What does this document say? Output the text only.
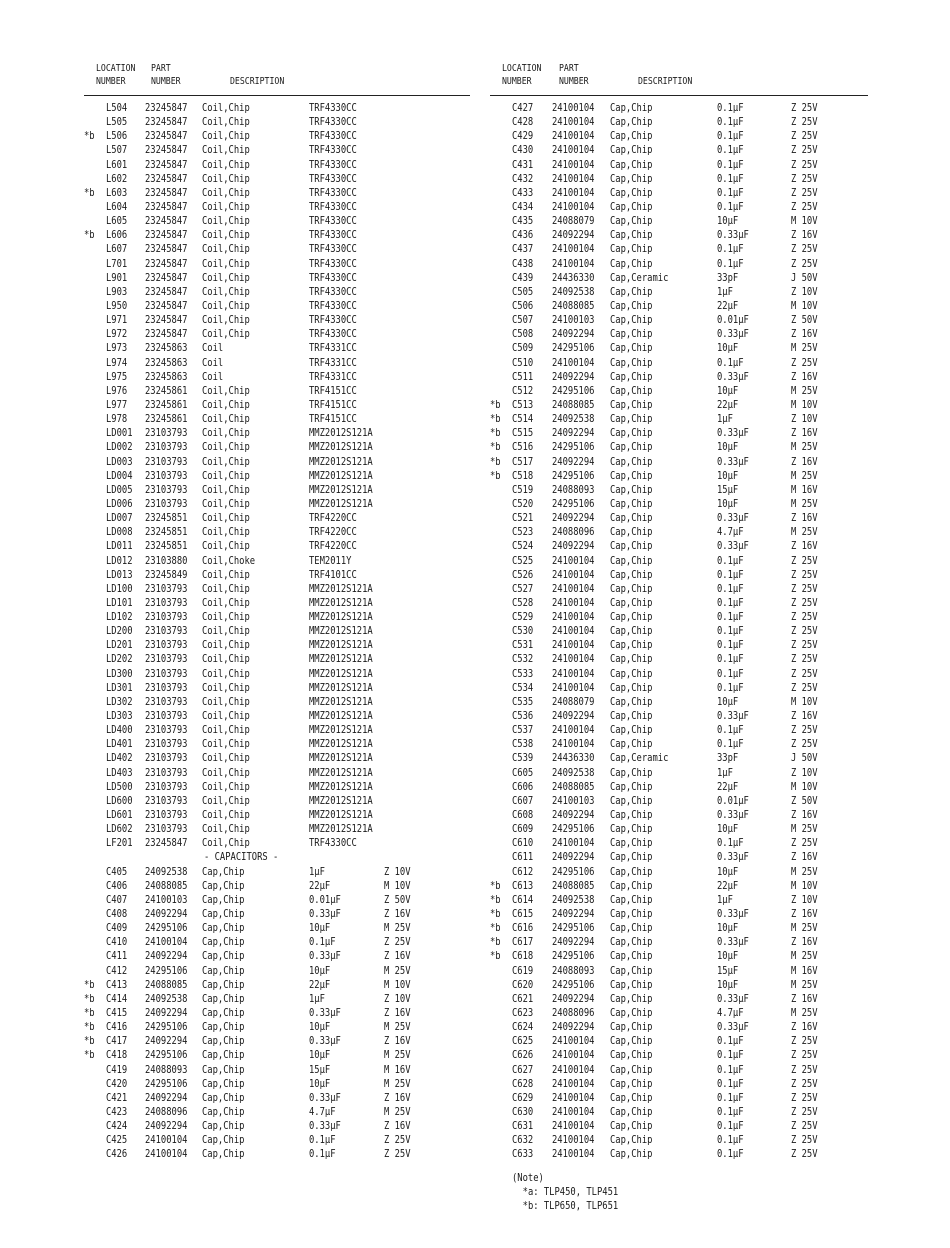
LOCATION
NUMBER
PART
NUMBER	DESCRIPTION
L504 23245847 Coil,Chip	TRF4330CC
L505 23245847 Coil,Chip	TRF4330CC
*b L506 23245847 Coil,Chip	TRF4330CC
L507 23245847 Coil,Chip	TRF4330CC
L601 23245847 Coil,Chip	TRF4330CC
L602 23245847 Coil,Chip	TRF4330CC
*b L603 23245847 Coil,Chip	TRF4330CC
L604 23245847 Coil,Chip	TRF4330CC
L605 23245847 Coil,Chip	TRF4330CC
*b L606 23245847 Coil,Chip	TRF4330CC
L607 23245847 Coil,Chip	TRF4330CC
L701 23245847 Coil,Chip	TRF4330CC
L901 23245847 Coil,Chip	TRF4330CC
L903 23245847 Coil,Chip	TRF4330CC
L950 23245847 Coil,Chip	TRF4330CC
L971 23245847 Coil,Chip	TRF4330CC
L972 23245847 Coil,Chip	TRF4330CC
L973 23245863 Coil	TRF4331CC
L974 23245863 Coil	TRF4331CC
L975 23245863 Coil	TRF4331CC
L976 23245861 Coil,Chip	TRF4151CC
L977 23245861 Coil,Chip	TRF4151CC
L978 23245861 Coil,Chip	TRF4151CC
LD001 23103793 Coil,Chip	MMZ2012S121A
LD002 23103793 Coil,Chip	MMZ2012S121A
LD003 23103793 Coil,Chip	MMZ2012S121A
LD004 23103793 Coil,Chip	MMZ2012S121A
LD005 23103793 Coil,Chip	MMZ2012S121A
LD006 23103793 Coil,Chip	MMZ2012S121A
LD007 23245851 Coil,Chip	TRF4220CC
LD008 23245851 Coil,Chip	TRF4220CC
LD011 23245851 Coil,Chip	TRF4220CC
LD012 23103880 Coil,Choke	TEM2011Y
LD013 23245849 Coil,Chip	TRF4101CC
LD100 23103793 Coil,Chip	MMZ2012S121A
LD101 23103793 Coil,Chip	MMZ2012S121A
LD102 23103793 Coil,Chip	MMZ2012S121A
LD200 23103793 Coil,Chip	MMZ2012S121A
LD201 23103793 Coil,Chip	MMZ2012S121A
LD202 23103793 Coil,Chip	MMZ2012S121A
LD300 23103793 Coil,Chip	MMZ2012S121A
LD301 23103793 Coil,Chip	MMZ2012S121A
LD302 23103793 Coil,Chip	MMZ2012S121A
LD303 23103793 Coil,Chip	MMZ2012S121A
LD400 23103793 Coil,Chip	MMZ2012S121A
LD401 23103793 Coil,Chip	MMZ2012S121A
LD402 23103793 Coil,Chip	MMZ2012S121A
LD403 23103793 Coil,Chip	MMZ2012S121A
LD500 23103793 Coil,Chip	MMZ2012S121A
LD600 23103793 Coil,Chip	MMZ2012S121A
LD601 23103793 Coil,Chip	MMZ2012S121A
LD602 23103793 Coil,Chip	MMZ2012S121A
LF201 23245847 Coil,Chip	TRF4330CC
- CAPACITORS -
C405 24092538 Cap,Chip	1μF	Z 10V
C406 24088085 Cap,Chip	22μF	M 10V
C407 24100103 Cap,Chip	0.01μF	Z 50V
C408 24092294 Cap,Chip	0.33μF	Z 16V
C409 24295106 Cap,Chip	10μF	M 25V
C410 24100104 Cap,Chip	0.1μF	Z 25V
C411 24092294 Cap,Chip	0.33μF	Z 16V
C412 24295106 Cap,Chip	10μF	M 25V
*b C413 24088085 Cap,Chip	22μF	M 10V
*b C414 24092538 Cap,Chip	1μF	Z 10V
*b C415 24092294 Cap,Chip	0.33μF	Z 16V
*b C416 24295106 Cap,Chip	10μF	M 25V
*b C417 24092294 Cap,Chip	0.33μF	Z 16V
*b C418 24295106 Cap,Chip	10μF	M 25V
C419 24088093 Cap,Chip	15μF	M 16V
C420 24295106 Cap,Chip	10μF	M 25V
C421 24092294 Cap,Chip	0.33μF	Z 16V
C423 24088096 Cap,Chip	4.7μF	M 25V
C424 24092294 Cap,Chip	0.33μF	Z 16V
C425 24100104 Cap,Chip	0.1μF	Z 25V
C426 24100104 Cap,Chip	0.1μF	Z 25V
LOCATION
NUMBER
PART
NUMBER	DESCRIPTION
C427 24100104 Cap,Chip	0.1μF	Z 25V
C428 24100104 Cap,Chip	0.1μF	Z 25V
C429 24100104 Cap,Chip	0.1μF	Z 25V
C430 24100104 Cap,Chip	0.1μF	Z 25V
C431 24100104 Cap,Chip	0.1μF	Z 25V
C432 24100104 Cap,Chip	0.1μF	Z 25V
C433 24100104 Cap,Chip	0.1μF	Z 25V
C434 24100104 Cap,Chip	0.1μF	Z 25V
C435 24088079 Cap,Chip	10μF	M 10V
C436 24092294 Cap,Chip	0.33μF	Z 16V
C437 24100104 Cap,Chip	0.1μF	Z 25V
C438 24100104 Cap,Chip	0.1μF	Z 25V
C439 24436330 Cap,Ceramic	33pF	J 50V
C505 24092538 Cap,Chip	1μF	Z 10V
C506 24088085 Cap,Chip	22μF	M 10V
C507 24100103 Cap,Chip	0.01μF	Z 50V
C508 24092294 Cap,Chip	0.33μF	Z 16V
C509 24295106 Cap,Chip	10μF	M 25V
C510 24100104 Cap,Chip	0.1μF	Z 25V
C511 24092294 Cap,Chip	0.33μF	Z 16V
C512 24295106 Cap,Chip	10μF	M 25V
*b C513 24088085 Cap,Chip	22μF	M 10V
*b C514 24092538 Cap,Chip	1μF	Z 10V
*b C515 24092294 Cap,Chip	0.33μF	Z 16V
*b C516 24295106 Cap,Chip	10μF	M 25V
*b C517 24092294 Cap,Chip	0.33μF	Z 16V
*b C518 24295106 Cap,Chip	10μF	M 25V
C519 24088093 Cap,Chip	15μF	M 16V
C520 24295106 Cap,Chip	10μF	M 25V
C521 24092294 Cap,Chip	0.33μF	Z 16V
C523 24088096 Cap,Chip	4.7μF	M 25V
C524 24092294 Cap,Chip	0.33μF	Z 16V
C525 24100104 Cap,Chip	0.1μF	Z 25V
C526 24100104 Cap,Chip	0.1μF	Z 25V
C527 24100104 Cap,Chip	0.1μF	Z 25V
C528 24100104 Cap,Chip	0.1μF	Z 25V
C529 24100104 Cap,Chip	0.1μF	Z 25V
C530 24100104 Cap,Chip	0.1μF	Z 25V
C531 24100104 Cap,Chip	0.1μF	Z 25V
C532 24100104 Cap,Chip	0.1μF	Z 25V
C533 24100104 Cap,Chip	0.1μF	Z 25V
C534 24100104 Cap,Chip	0.1μF	Z 25V
C535 24088079 Cap,Chip	10μF	M 10V
C536 24092294 Cap,Chip	0.33μF	Z 16V
C537 24100104 Cap,Chip	0.1μF	Z 25V
C538 24100104 Cap,Chip	0.1μF	Z 25V
C539 24436330 Cap,Ceramic	33pF	J 50V
C605 24092538 Cap,Chip	1μF	Z 10V
C606 24088085 Cap,Chip	22μF	M 10V
C607 24100103 Cap,Chip	0.01μF	Z 50V
C608 24092294 Cap,Chip	0.33μF	Z 16V
C609 24295106 Cap,Chip	10μF	M 25V
C610 24100104 Cap,Chip	0.1μF	Z 25V
C611 24092294 Cap,Chip	0.33μF	Z 16V
C612 24295106 Cap,Chip	10μF	M 25V
*b C613 24088085 Cap,Chip	22μF	M 10V
*b C614 24092538 Cap,Chip	1μF	Z 10V
*b C615 24092294 Cap,Chip	0.33μF	Z 16V
*b C616 24295106 Cap,Chip	10μF	M 25V
*b C617 24092294 Cap,Chip	0.33μF	Z 16V
*b C618 24295106 Cap,Chip	10μF	M 25V
C619 24088093 Cap,Chip	15μF	M 16V
C620 24295106 Cap,Chip	10μF	M 25V
C621 24092294 Cap,Chip	0.33μF	Z 16V
C623 24088096 Cap,Chip	4.7μF	M 25V
C624 24092294 Cap,Chip	0.33μF	Z 16V
C625 24100104 Cap,Chip	0.1μF	Z 25V
C626 24100104 Cap,Chip	0.1μF	Z 25V
C627 24100104 Cap,Chip	0.1μF	Z 25V
C628 24100104 Cap,Chip	0.1μF	Z 25V
C629 24100104 Cap,Chip	0.1μF	Z 25V
C630 24100104 Cap,Chip	0.1μF	Z 25V
C631 24100104 Cap,Chip	0.1μF	Z 25V
C632 24100104 Cap,Chip	0.1μF	Z 25V
C633 24100104 Cap,Chip	0.1μF	Z 25V
(Note)
*a: TLP450, TLP451
*b: TLP650, TLP651
